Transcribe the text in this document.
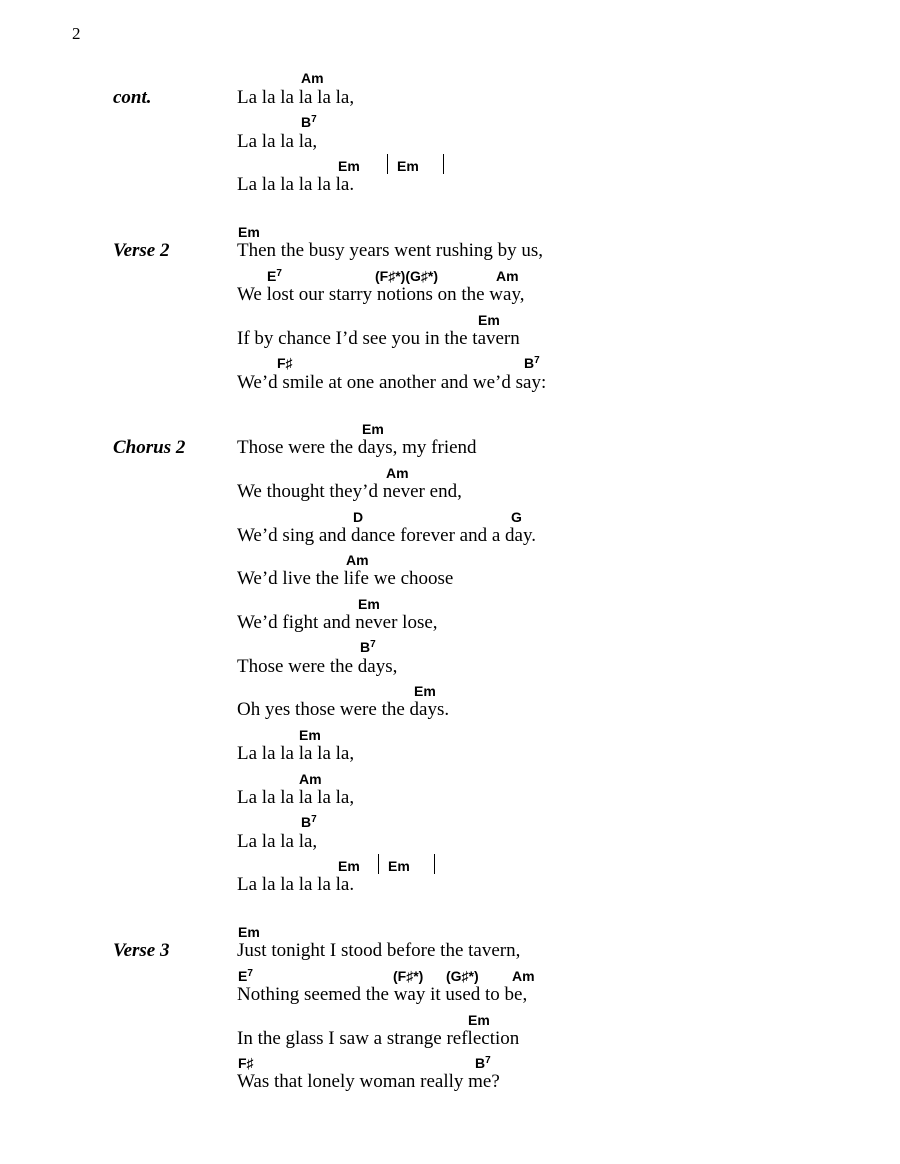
2
cont.
Am
La la la la la la,
$B^7$
La la la la,
Em	Em
La la la la la la.
Verse 2
Em
Then the busy years went rushing by us,
$E^7$	(F♯*)(G♯*)	Am
We lost our starry notions on the way,
Em
If by chance I’d see you in the tavern
F♯	$B^7$
We’d smile at one another and we’d say:
Chorus 2
Em
Those were the days, my friend
Am
We thought they’d never end,
D	G
We’d sing and dance forever and a day.
Am
We’d live the life we choose
Em
We’d fight and never lose,
$B^7$
Those were the days,
Em
Oh yes those were the days.
Em
La la la la la la,
Am
La la la la la la,
$B^7$
La la la la,
Em Em
La la la la la la.
Verse 3
Em
Just tonight I stood before the tavern,
$E^7$	(F♯*) (G♯*) Am
Nothing seemed the way it used to be,
Em
In the glass I saw a strange reflection
F♯	$B^7$
Was that lonely woman really me?
